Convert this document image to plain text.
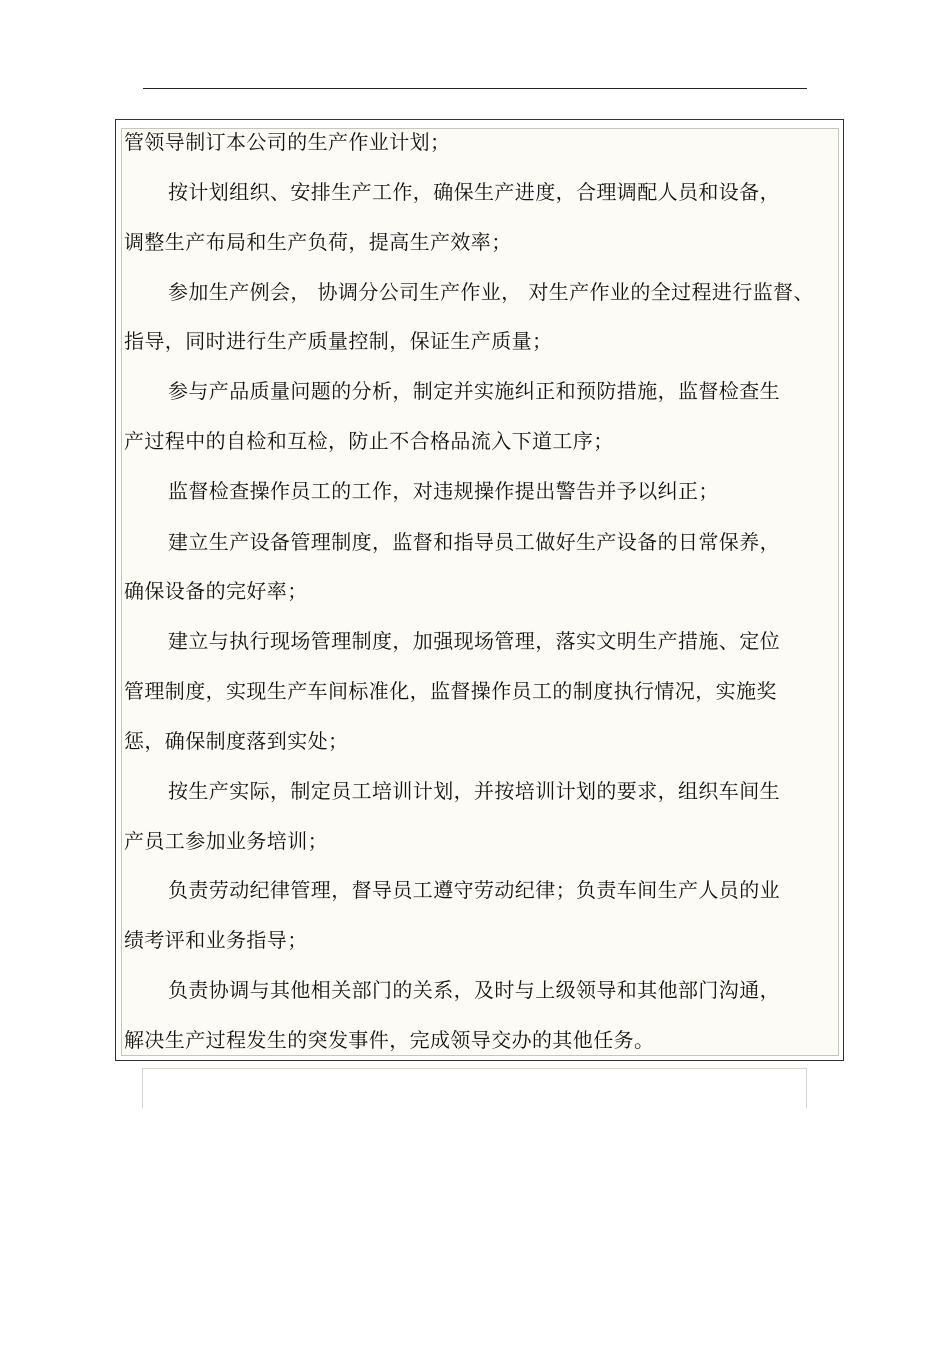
管领导制订本公司的生产作业计划；
按计划组织、安排生产工作，确保生产进度，合理调配人员和设备，
调整生产布局和生产负荷，提高生产效率；
参加生产例会， 协调分公司生产作业， 对生产作业的全过程进行监督、
指导，同时进行生产质量控制，保证生产质量；
参与产品质量问题的分析，制定并实施纠正和预防措施，监督检查生
产过程中的自检和互检，防止不合格品流入下道工序；
监督检查操作员工的工作，对违规操作提出警告并予以纠正；
建立生产设备管理制度，监督和指导员工做好生产设备的日常保养，
确保设备的完好率；
建立与执行现场管理制度，加强现场管理，落实文明生产措施、定位
管理制度，实现生产车间标准化，监督操作员工的制度执行情况，实施奖
惩，确保制度落到实处；
按生产实际，制定员工培训计划，并按培训计划的要求，组织车间生
产员工参加业务培训；
负责劳动纪律管理，督导员工遵守劳动纪律；负责车间生产人员的业
绩考评和业务指导；
负责协调与其他相关部门的关系，及时与上级领导和其他部门沟通，
解决生产过程发生的突发事件，完成领导交办的其他任务。
